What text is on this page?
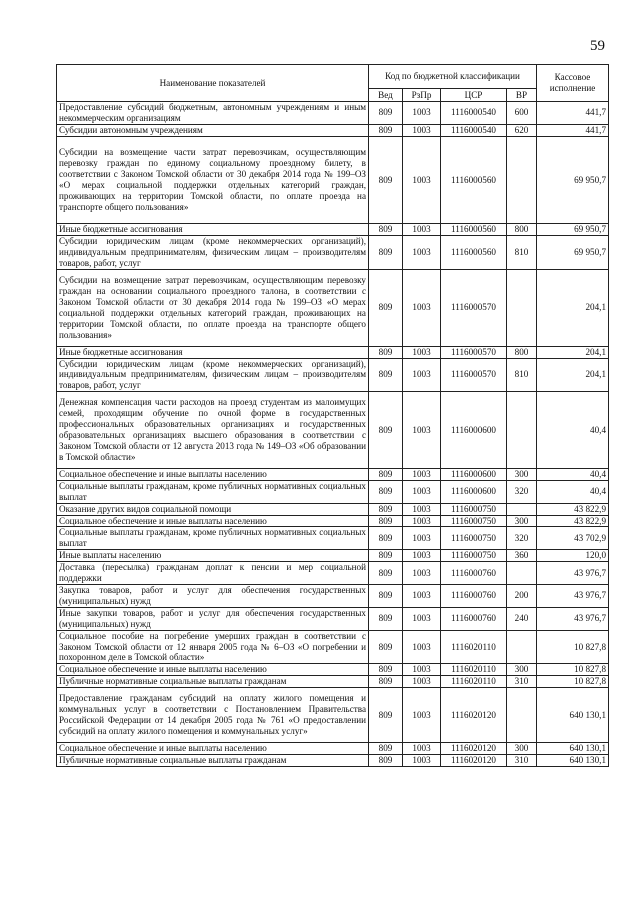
59
Наименование показателей	Код по бюджетной классификации				Кассовое исполнение
	Вед	РзПр	ЦСР	ВР	
Предоставление субсидий бюджетным, автономным учреждениям и иным некоммерческим организациям	809	1003	1116000540	600	441,7
Субсидии автономным учреждениям	809	1003	1116000540	620	441,7
Субсидии на возмещение части затрат перевозчикам, осуществляющим перевозку граждан по единому социальному проездному билету, в соответствии с Законом Томской области от 30 декабря 2014 года № 199–ОЗ «О мерах социальной поддержки отдельных категорий граждан, проживающих на территории Томской области, по оплате проезда на транспорте общего пользования»	809	1003	1116000560		69 950,7
Иные бюджетные ассигнования	809	1003	1116000560	800	69 950,7
Субсидии юридическим лицам (кроме некоммерческих организаций), индивидуальным предпринимателям, физическим лицам – производителям товаров, работ, услуг	809	1003	1116000560	810	69 950,7
Субсидии на возмещение затрат перевозчикам, осуществляющим перевозку граждан на основании социального проездного талона, в соответствии с Законом Томской области от 30 декабря 2014 года № 199–ОЗ «О мерах социальной поддержки отдельных категорий граждан, проживающих на территории Томской области, по оплате проезда на транспорте общего пользования»	809	1003	1116000570		204,1
Иные бюджетные ассигнования	809	1003	1116000570	800	204,1
Субсидии юридическим лицам (кроме некоммерческих организаций), индивидуальным предпринимателям, физическим лицам – производителям товаров, работ, услуг	809	1003	1116000570	810	204,1
Денежная компенсация части расходов на проезд студентам из малоимущих семей, проходящим обучение по очной форме в государственных профессиональных образовательных организациях и государственных образовательных организациях высшего образования в соответствии с Законом Томской области от 12 августа 2013 года № 149–ОЗ «Об образовании в Томской области»	809	1003	1116000600		40,4
Социальное обеспечение и иные выплаты населению	809	1003	1116000600	300	40,4
Социальные выплаты гражданам, кроме публичных нормативных социальных выплат	809	1003	1116000600	320	40,4
Оказание других видов социальной помощи	809	1003	1116000750		43 822,9
Социальное обеспечение и иные выплаты населению	809	1003	1116000750	300	43 822,9
Социальные выплаты гражданам, кроме публичных нормативных социальных выплат	809	1003	1116000750	320	43 702,9
Иные выплаты населению	809	1003	1116000750	360	120,0
Доставка (пересылка) гражданам доплат к пенсии и мер социальной поддержки	809	1003	1116000760		43 976,7
Закупка товаров, работ и услуг для обеспечения государственных (муниципальных) нужд	809	1003	1116000760	200	43 976,7
Иные закупки товаров, работ и услуг для обеспечения государственных (муниципальных) нужд	809	1003	1116000760	240	43 976,7
Социальное пособие на погребение умерших граждан в соответствии с Законом Томской области от 12 января 2005 года № 6–ОЗ «О погребении и похоронном деле в Томской области»	809	1003	1116020110		10 827,8
Социальное обеспечение и иные выплаты населению	809	1003	1116020110	300	10 827,8
Публичные нормативные социальные выплаты гражданам	809	1003	1116020110	310	10 827,8
Предоставление гражданам субсидий на оплату жилого помещения и коммунальных услуг в соответствии с Постановлением Правительства Российской Федерации от 14 декабря 2005 года № 761 «О предоставлении субсидий на оплату жилого помещения и коммунальных услуг»	809	1003	1116020120		640 130,1
Социальное обеспечение и иные выплаты населению	809	1003	1116020120	300	640 130,1
Публичные нормативные социальные выплаты гражданам	809	1003	1116020120	310	640 130,1
